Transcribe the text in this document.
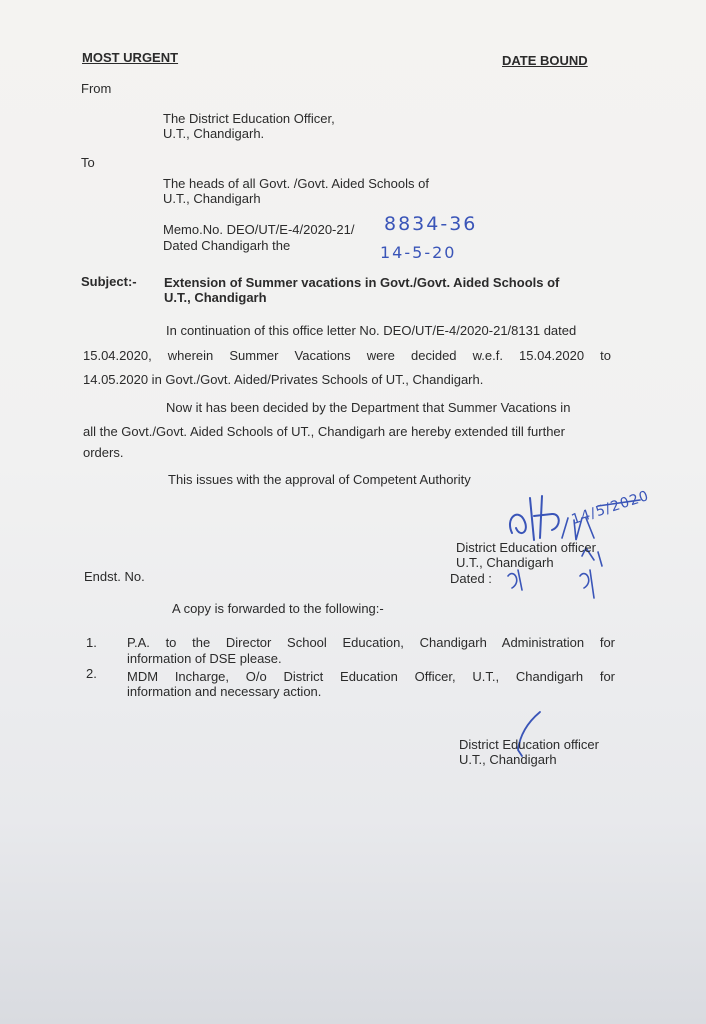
MOST URGENT	DATE BOUND
From
The District Education Officer,
U.T., Chandigarh.
To
The heads of all Govt. /Govt. Aided Schools of
U.T., Chandigarh
Memo.No. DEO/UT/E-4/2020-21/ 8834-36
Dated Chandigarh the	14-5-20
Subject:- Extension of Summer vacations in Govt./Govt. Aided Schools of
U.T., Chandigarh
In continuation of this office letter No. DEO/UT/E-4/2020-21/8131 dated
15.04.2020, wherein Summer Vacations were decided w.e.f. 15.04.2020 to
14.05.2020 in Govt./Govt. Aided/Privates Schools of UT., Chandigarh.
Now it has been decided by the Department that Summer Vacations in
all the Govt./Govt. Aided Schools of UT., Chandigarh are hereby extended till further
orders.
This issues with the approval of Competent Authority
14/5/2020
District Education officer
U.T., Chandigarh
Endst. No.	Dated :
A copy is forwarded to the following:-
1. P.A. to the Director School Education, Chandigarh Administration for
information of DSE please.
2. MDM Incharge, O/o District Education Officer, U.T., Chandigarh for
information and necessary action.
District Education officer
U.T., Chandigarh
